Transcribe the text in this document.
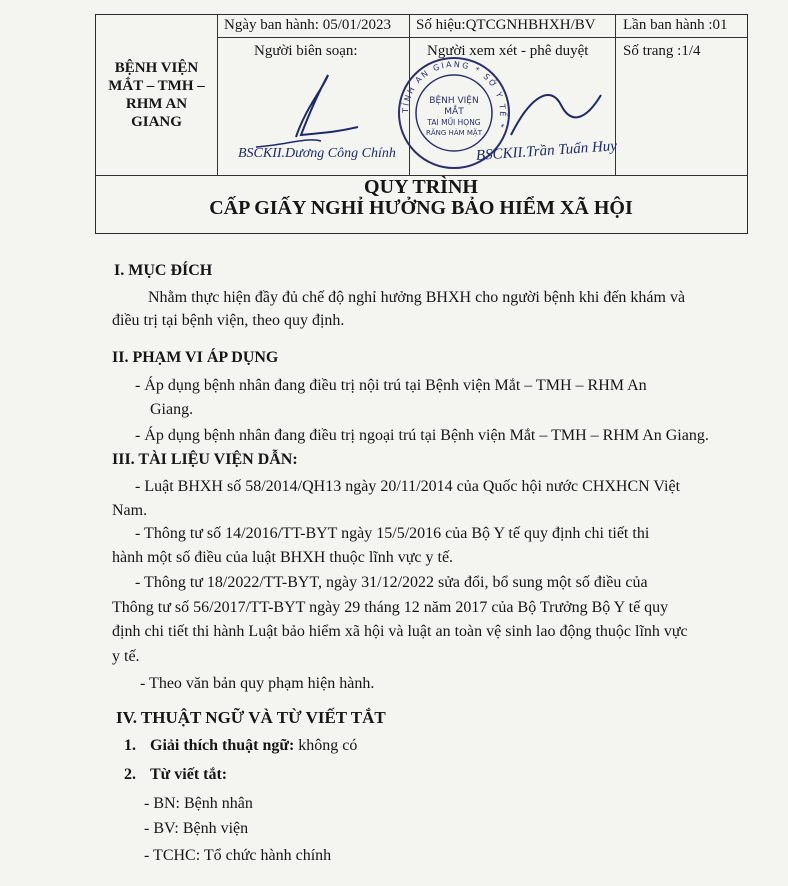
BỆNH VIỆN
MẮT – TMH –
RHM AN
GIANG
Ngày ban hành: 05/01/2023 Số hiệu:QTCGNHBHXH/BV Lần ban hành :01
Người biên soạn:	Người xem xét - phê duyệt Số trang :1/4
BSCKII.Dương Công Chính
TỈNH AN GIANG * SỞ Y TẾ *
BỆNH VIỆN
MẮT
TAI MŨI HỌNG
RĂNG HÀM MẶT
BSCKII.Trần Tuấn Huy
QUY TRÌNH
CẤP GIẤY NGHỈ HƯỞNG BẢO HIỂM XÃ HỘI
I. MỤC ĐÍCH
Nhằm thực hiện đầy đủ chế độ nghỉ hưởng BHXH cho người bệnh khi đến khám và
điều trị tại bệnh viện, theo quy định.
II. PHẠM VI ÁP DỤNG
- Áp dụng bệnh nhân đang điều trị nội trú tại Bệnh viện Mắt – TMH – RHM An
Giang.
- Áp dụng bệnh nhân đang điều trị ngoại trú tại Bệnh viện Mắt – TMH – RHM An Giang.
III. TÀI LIỆU VIỆN DẪN:
- Luật BHXH số 58/2014/QH13 ngày 20/11/2014 của Quốc hội nước CHXHCN Việt
Nam.
- Thông tư số 14/2016/TT-BYT ngày 15/5/2016 của Bộ Y tế quy định chi tiết thi
hành một số điều của luật BHXH thuộc lĩnh vực y tế.
- Thông tư 18/2022/TT-BYT, ngày 31/12/2022 sửa đổi, bổ sung một số điều của
Thông tư số 56/2017/TT-BYT ngày 29 tháng 12 năm 2017 của Bộ Trưởng Bộ Y tế quy
định chi tiết thi hành Luật bảo hiểm xã hội và luật an toàn vệ sinh lao động thuộc lĩnh vực
y tế.
- Theo văn bản quy phạm hiện hành.
IV. THUẬT NGỮ VÀ TỪ VIẾT TẮT
1. Giải thích thuật ngữ: không có
2. Từ viết tắt:
- BN: Bệnh nhân
- BV: Bệnh viện
- TCHC: Tổ chức hành chính
